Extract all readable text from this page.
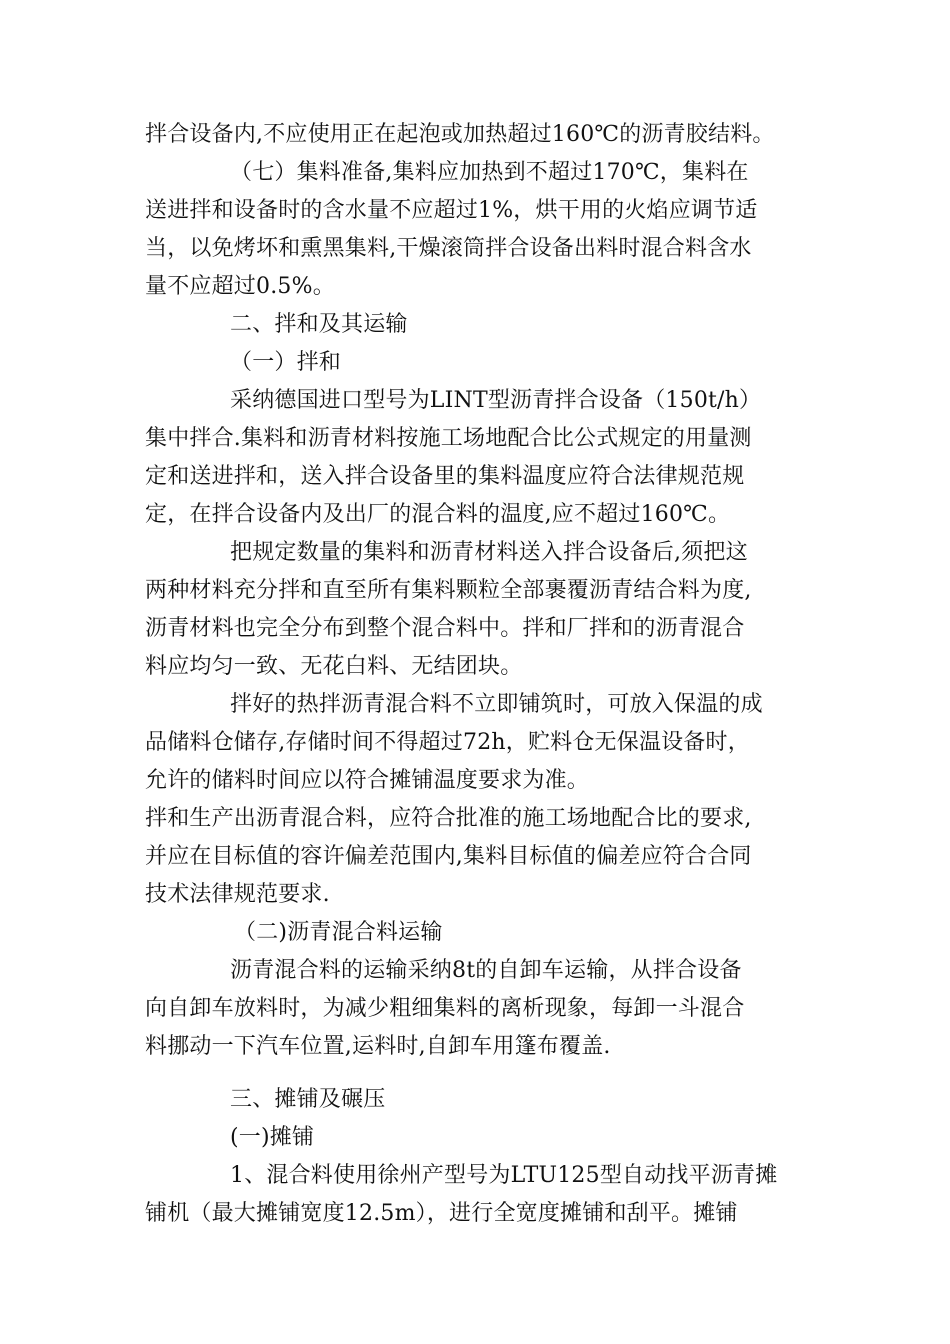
拌合设备内,不应使用正在起泡或加热超过160℃的沥青胶结料。
（七）集料准备,集料应加热到不超过170℃，集料在
送进拌和设备时的含水量不应超过1%，烘干用的火焰应调节适
当，以免烤坏和熏黑集料,干燥滚筒拌合设备出料时混合料含水
量不应超过0.5%。
二、拌和及其运输
（一）拌和
采纳德国进口型号为LINT型沥青拌合设备（150t/h）
集中拌合.集料和沥青材料按施工场地配合比公式规定的用量测
定和送进拌和，送入拌合设备里的集料温度应符合法律规范规
定，在拌合设备内及出厂的混合料的温度,应不超过160℃。
把规定数量的集料和沥青材料送入拌合设备后,须把这
两种材料充分拌和直至所有集料颗粒全部裹覆沥青结合料为度,
沥青材料也完全分布到整个混合料中。拌和厂拌和的沥青混合
料应均匀一致、无花白料、无结团块。
拌好的热拌沥青混合料不立即铺筑时，可放入保温的成
品储料仓储存,存储时间不得超过72h，贮料仓无保温设备时，
允许的储料时间应以符合摊铺温度要求为准。
拌和生产出沥青混合料，应符合批准的施工场地配合比的要求,
并应在目标值的容许偏差范围内,集料目标值的偏差应符合合同
技术法律规范要求.
（二)沥青混合料运输
沥青混合料的运输采纳8t的自卸车运输，从拌合设备
向自卸车放料时，为减少粗细集料的离析现象，每卸一斗混合
料挪动一下汽车位置,运料时,自卸车用篷布覆盖.
三、摊铺及碾压
(一)摊铺
1、混合料使用徐州产型号为LTU125型自动找平沥青摊
铺机（最大摊铺宽度12.5m），进行全宽度摊铺和刮平。摊铺
